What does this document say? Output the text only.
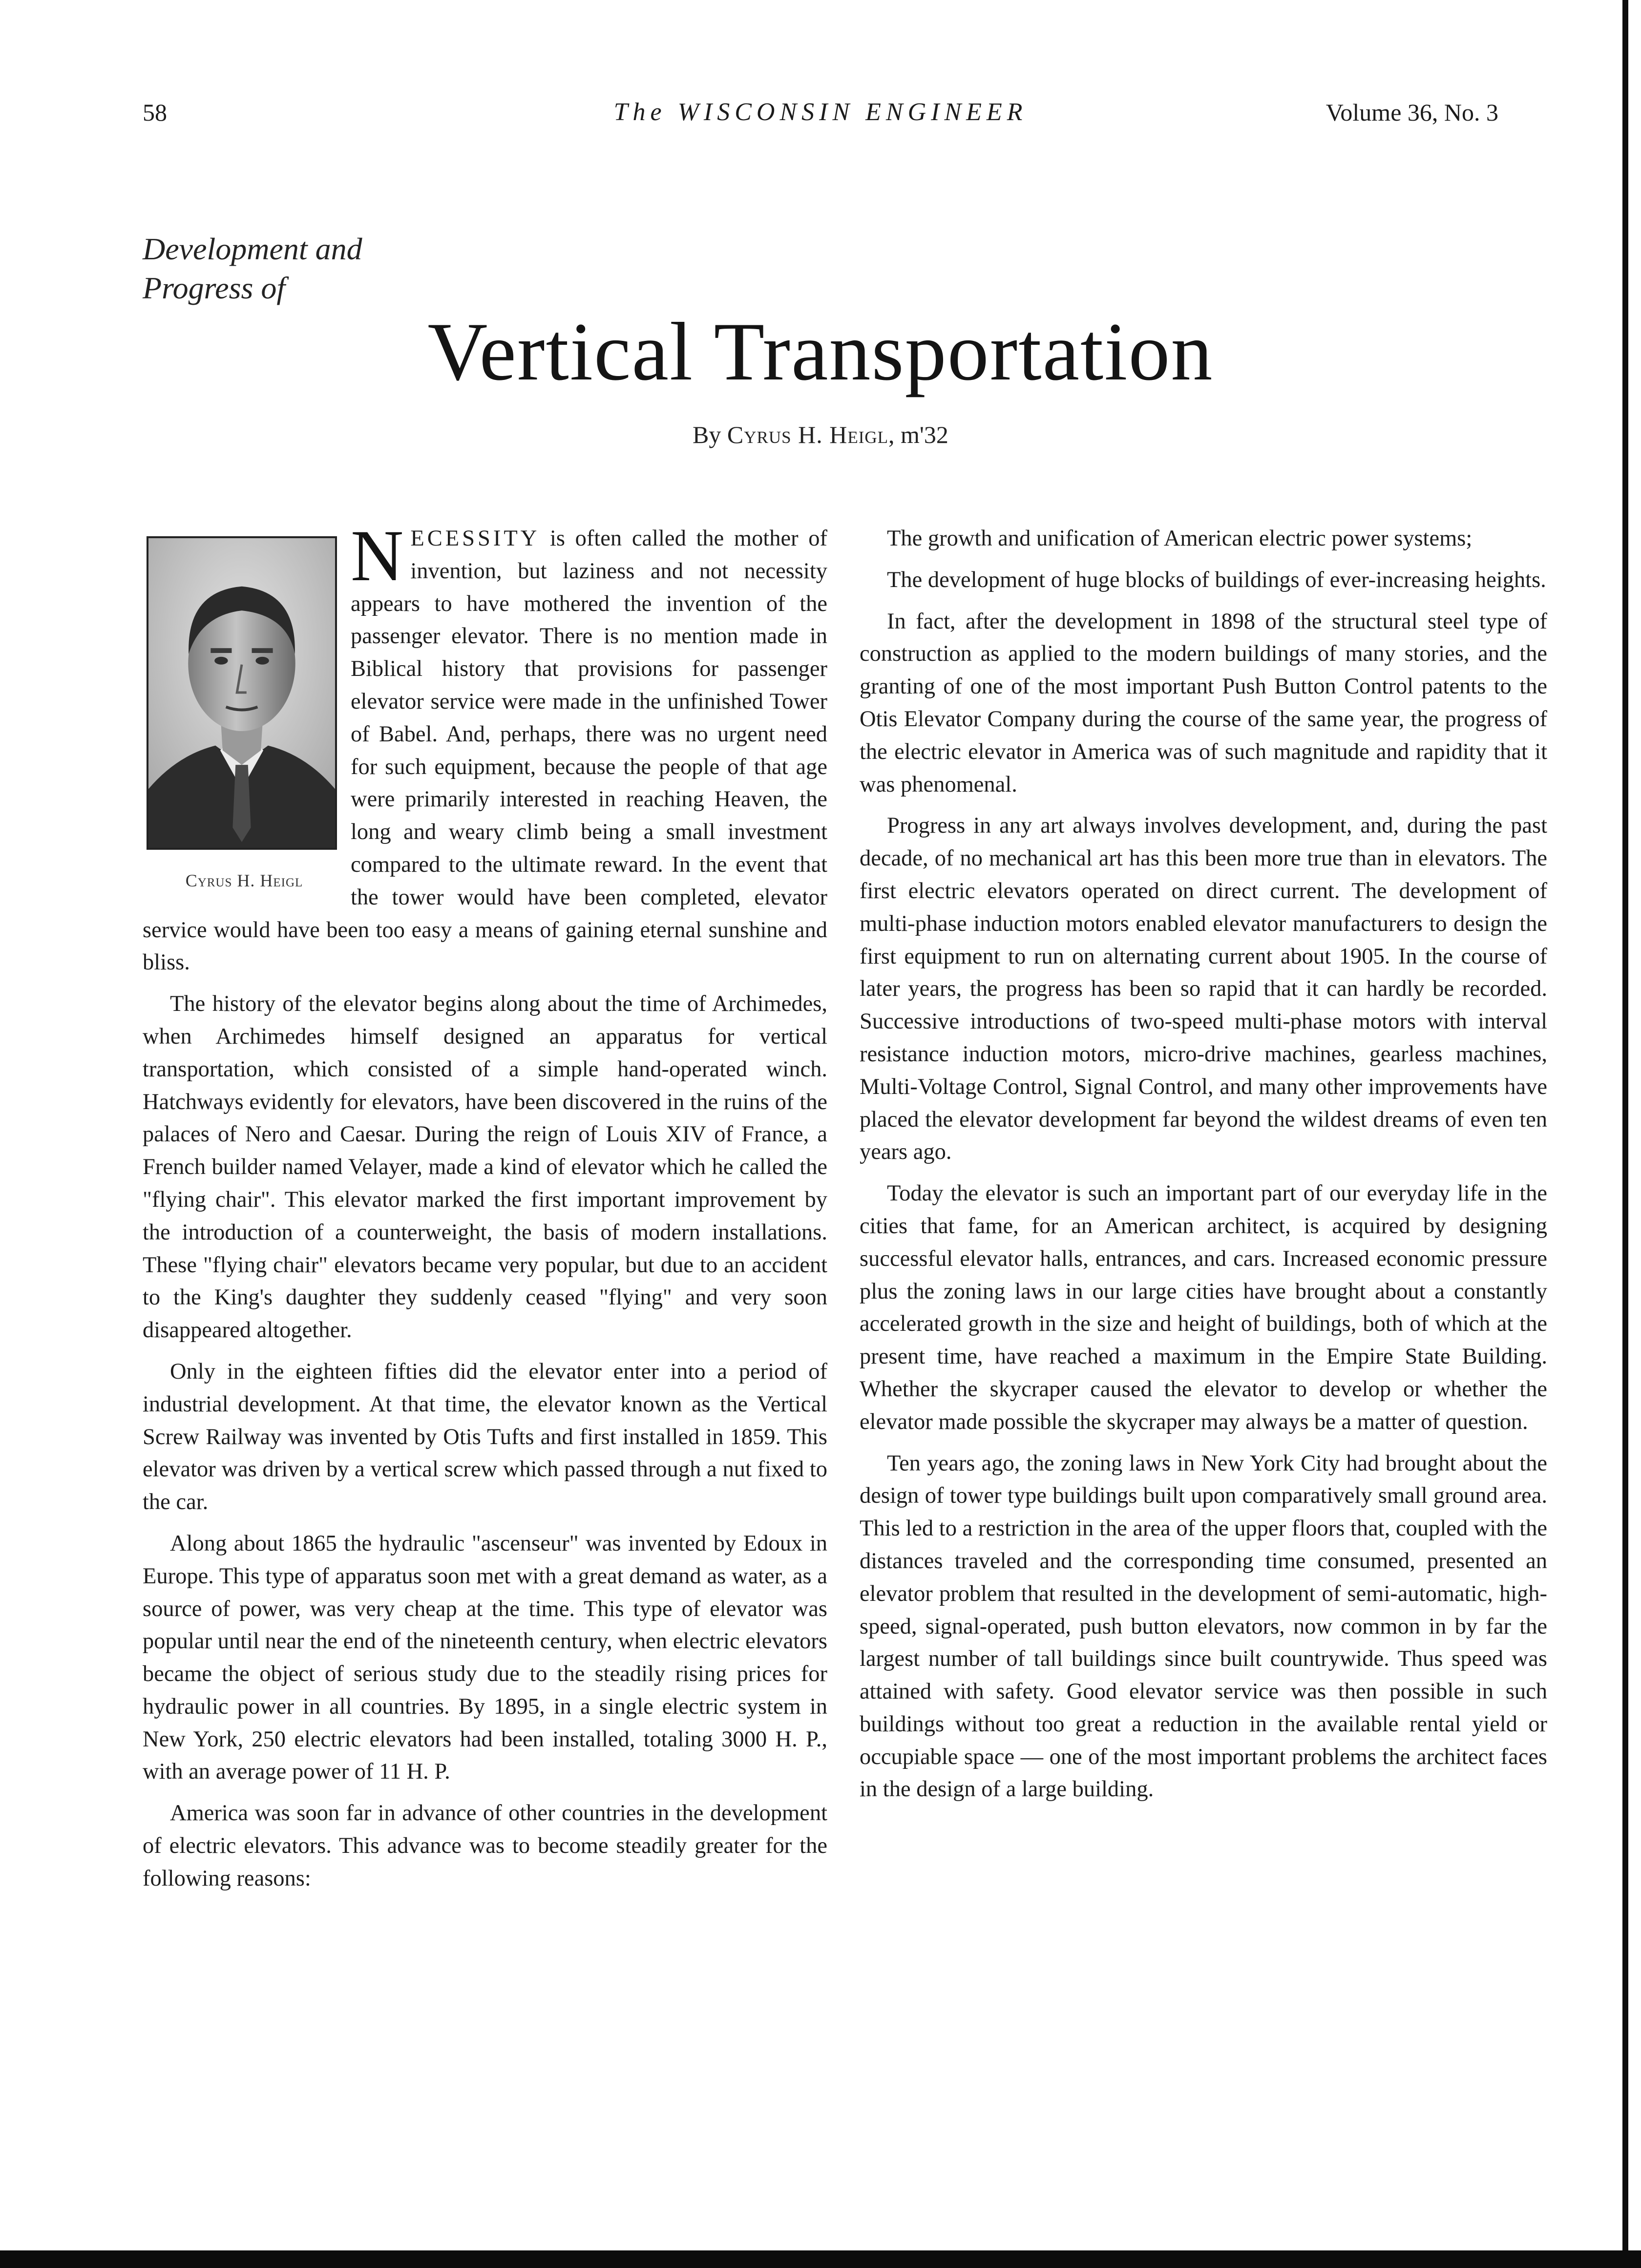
58	The WISCONSIN ENGINEER	Volume 36, No. 3
Development and
Progress of
Vertical Transportation
By Cyrus H. Heigl, m'32
Cyrus H. Heigl

NECESSITY is often called the mother of invention, but laziness and not necessity appears to have mothered the invention of the passenger elevator. There is no mention made in Biblical history that provisions for passenger elevator service were made in the unfinished Tower of Babel. And, perhaps, there was no urgent need for such equipment, because the people of that age were primarily interested in reaching Heaven, the long and weary climb being a small investment compared to the ultimate reward. In the event that the tower would have been completed, elevator service would have been too easy a means of gaining eternal sunshine and bliss.

The history of the elevator begins along about the time of Archimedes, when Archimedes himself designed an apparatus for vertical transportation, which consisted of a simple hand-operated winch. Hatchways evidently for elevators, have been discovered in the ruins of the palaces of Nero and Caesar. During the reign of Louis XIV of France, a French builder named Velayer, made a kind of elevator which he called the "flying chair". This elevator marked the first important improvement by the introduction of a counterweight, the basis of modern installations. These "flying chair" elevators became very popular, but due to an accident to the King's daughter they suddenly ceased "flying" and very soon disappeared altogether.

Only in the eighteen fifties did the elevator enter into a period of industrial development. At that time, the elevator known as the Vertical Screw Railway was invented by Otis Tufts and first installed in 1859. This elevator was driven by a vertical screw which passed through a nut fixed to the car.

Along about 1865 the hydraulic "ascenseur" was invented by Edoux in Europe. This type of apparatus soon met with a great demand as water, as a source of power, was very cheap at the time. This type of elevator was popular until near the end of the nineteenth century, when electric elevators became the object of serious study due to the steadily rising prices for hydraulic power in all countries. By 1895, in a single electric system in New York, 250 electric elevators had been installed, totaling 3000 H. P., with an average power of 11 H. P.

America was soon far in advance of other countries in the development of electric elevators. This advance was to become steadily greater for the following reasons:

The growth and unification of American electric power systems;

The development of huge blocks of buildings of ever-increasing heights.

In fact, after the development in 1898 of the structural steel type of construction as applied to the modern buildings of many stories, and the granting of one of the most important Push Button Control patents to the Otis Elevator Company during the course of the same year, the progress of the electric elevator in America was of such magnitude and rapidity that it was phenomenal.

Progress in any art always involves development, and, during the past decade, of no mechanical art has this been more true than in elevators. The first electric elevators operated on direct current. The development of multi-phase induction motors enabled elevator manufacturers to design the first equipment to run on alternating current about 1905. In the course of later years, the progress has been so rapid that it can hardly be recorded. Successive introductions of two-speed multi-phase motors with interval resistance induction motors, micro-drive machines, gearless machines, Multi-Voltage Control, Signal Control, and many other improvements have placed the elevator development far beyond the wildest dreams of even ten years ago.

Today the elevator is such an important part of our everyday life in the cities that fame, for an American architect, is acquired by designing successful elevator halls, entrances, and cars. Increased economic pressure plus the zoning laws in our large cities have brought about a constantly accelerated growth in the size and height of buildings, both of which at the present time, have reached a maximum in the Empire State Building. Whether the skycraper caused the elevator to develop or whether the elevator made possible the skycraper may always be a matter of question.

Ten years ago, the zoning laws in New York City had brought about the design of tower type buildings built upon comparatively small ground area. This led to a restriction in the area of the upper floors that, coupled with the distances traveled and the corresponding time consumed, presented an elevator problem that resulted in the development of semi-automatic, high-speed, signal-operated, push button elevators, now common in by far the largest number of tall buildings since built countrywide. Thus speed was attained with safety. Good elevator service was then possible in such buildings without too great a reduction in the available rental yield or occupiable space — one of the most important problems the architect faces in the design of a large building.
